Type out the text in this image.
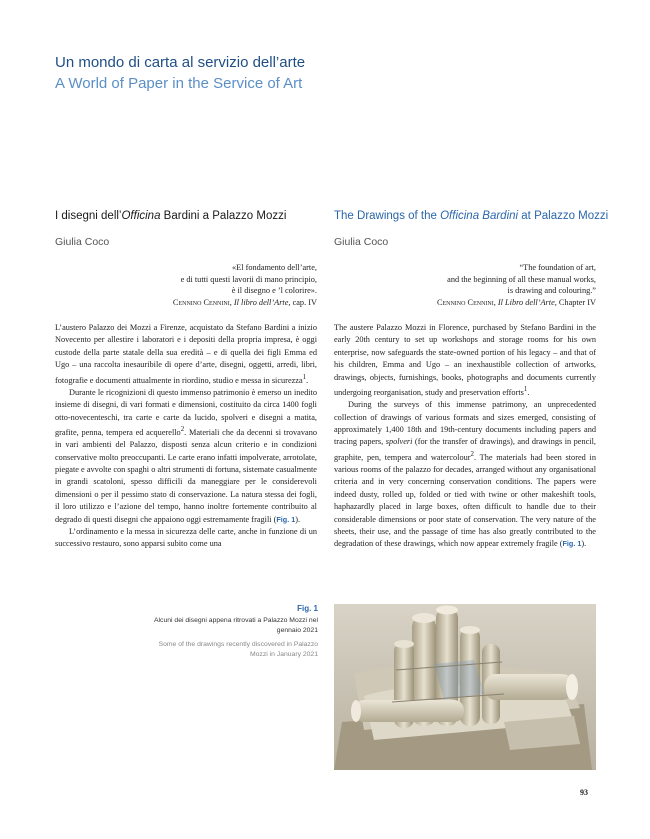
Un mondo di carta al servizio dell’arte
A World of Paper in the Service of Art
I disegni dell’Officina Bardini a Palazzo Mozzi	The Drawings of the Officina Bardini at Palazzo Mozzi
Giulia Coco	Giulia Coco
«El fondamento dell’arte,
e di tutti questi lavorii di mano principio,
è il disegno e ’l colorire».
Cennino Cennini, Il libro dell’Arte, cap. IV
“The foundation of art,
and the beginning of all these manual works,
is drawing and colouring.”
Cennino Cennini, Il Libro dell’Arte, Chapter IV

L’austero Palazzo dei Mozzi a Firenze, acquistato da Stefano Bardini a inizio Novecento per allestire i laboratori e i depositi della propria impresa, è oggi custode della parte statale della sua eredità – e di quella dei figli Emma ed Ugo – una raccolta inesauribile di opere d’arte, disegni, oggetti, arredi, libri, fotografie e documenti attualmente in riordino, studio e messa in sicurezza$^1$.

Durante le ricognizioni di questo immenso patrimonio è emerso un inedito insieme di disegni, di vari formati e dimensioni, costituito da circa 1400 fogli otto-novecenteschi, tra carte e carte da lucido, spolveri e disegni a matita, grafite, penna, tempera ed acquerello$^2$. Materiali che da decenni si trovavano in vari ambienti del Palazzo, disposti senza alcun criterio e in condizioni conservative molto preoccupanti. Le carte erano infatti impolverate, arrotolate, piegate e avvolte con spaghi o altri strumenti di fortuna, sistemate casualmente in grandi scatoloni, spesso difficili da maneggiare per le considerevoli dimensioni o per il pessimo stato di conservazione. La natura stessa dei fogli, il loro utilizzo e l’azione del tempo, hanno inoltre fortemente contribuito al degrado di questi disegni che appaiono oggi estremamente fragili (Fig. 1).

L’ordinamento e la messa in sicurezza delle carte, anche in funzione di un successivo restauro, sono apparsi subito come una

The austere Palazzo Mozzi in Florence, purchased by Stefano Bardini in the early 20th century to set up workshops and storage rooms for his own enterprise, now safeguards the state-owned portion of his legacy – and that of his children, Emma and Ugo – an inexhaustible collection of artworks, drawings, objects, furnishings, books, photographs and documents currently undergoing reorganisation, study and preservation efforts$^1$.

During the surveys of this immense patrimony, an unprecedented collection of drawings of various formats and sizes emerged, consisting of approximately 1,400 18th and 19th-century documents including papers and tracing papers, spolveri (for the transfer of drawings), and drawings in pencil, graphite, pen, tempera and watercolour$^2$. The materials had been stored in various rooms of the palazzo for decades, arranged without any organisational criteria and in very concerning conservation conditions. The papers were indeed dusty, rolled up, folded or tied with twine or other makeshift tools, haphazardly placed in large boxes, often difficult to handle due to their considerable dimensions or poor state of conservation. The very nature of the sheets, their use, and the passage of time has also greatly contributed to the degradation of these drawings, which now appear extremely fragile (Fig. 1).

Fig. 1
Alcuni dei disegni appena ritrovati a Palazzo Mozzi nel gennaio 2021
Some of the drawings recently discovered in Palazzo Mozzi in January 2021
93
